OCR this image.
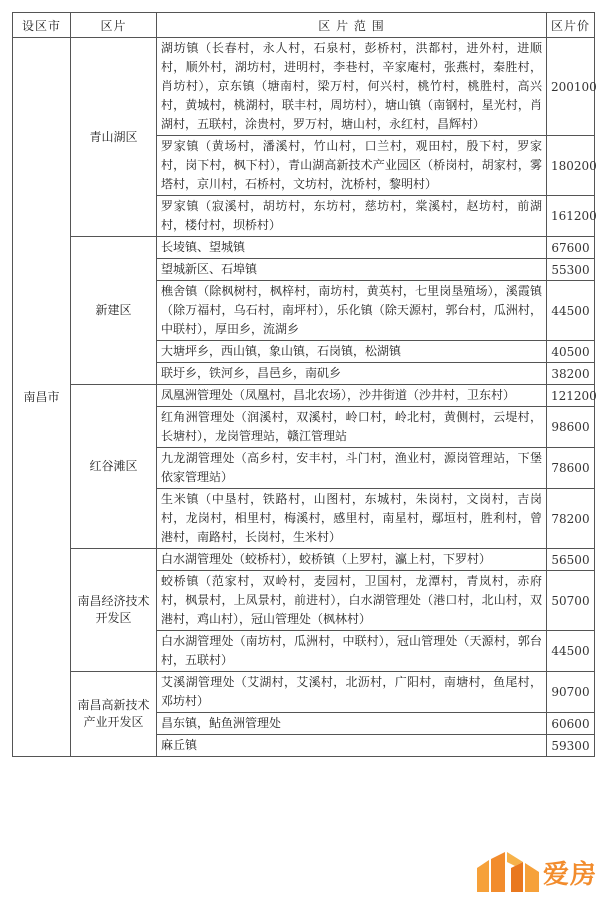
设区市	区片	区 片 范 围	区片价
南昌市	青山湖区	湖坊镇（长春村，永人村，石泉村，彭桥村，洪都村，进外村，进顺村，顺外村，湖坊村，进明村，李巷村，辛家庵村，张燕村，秦胜村，肖坊村），京东镇（塘南村，梁万村，何兴村，桃竹村，桃胜村，高兴村，黄城村，桃湖村，联丰村，周坊村），塘山镇（南钢村，星光村，肖湖村，五联村，涂贵村，罗万村，塘山村，永红村，昌辉村）	200100
		罗家镇（黄场村，潘溪村，竹山村，口兰村，观田村，殷下村，罗家村，岗下村，枫下村），青山湖高新技术产业园区（桥岗村，胡家村，雾塔村，京川村，石桥村，文坊村，沈桥村，黎明村）	180200
		罗家镇（寂溪村，胡坊村，东坊村，慈坊村，棠溪村，赵坊村，前湖村，楼付村，坝桥村）	161200
	新建区	长堎镇、望城镇	67600
		望城新区、石埠镇	55300
		樵舍镇（除枫树村，枫梓村，南坊村，黄英村，七里岗垦殖场），溪霞镇（除万福村，乌石村，南坪村），乐化镇（除天源村，郭台村，瓜洲村，中联村），厚田乡，流湖乡	44500
		大塘坪乡，西山镇，象山镇，石岗镇，松湖镇	40500
		联圩乡，铁河乡，昌邑乡，南矶乡	38200
	红谷滩区	凤凰洲管理处（凤凰村，昌北农场），沙井街道（沙井村，卫东村）	121200
		红角洲管理处（润溪村，双溪村，岭口村，岭北村，黄侧村，云堤村，长塘村），龙岗管理站，赣江管理站	98600
		九龙湖管理处（高乡村，安丰村，斗门村，渔业村，源岗管理站，下堡依家管理站）	78600
		生米镇（中垦村，铁路村，山图村，东城村，朱岗村，文岗村，吉岗村，龙岗村，相里村，梅溪村，感里村，南星村，鄢垣村，胜利村，曾港村，南路村，长岗村，生米村）	78200
	南昌经济技术开发区	白水湖管理处（蛟桥村），蛟桥镇（上罗村，瀛上村，下罗村）	56500
		蛟桥镇（范家村，双岭村，麦园村，卫国村，龙潭村，青岚村，赤府村，枫景村，上凤景村，前进村），白水湖管理处（港口村，北山村，双港村，鸡山村），冠山管理处（枫林村）	50700
		白水湖管理处（南坊村，瓜洲村，中联村），冠山管理处（天源村，郭台村，五联村）	44500
	南昌高新技术产业开发区	艾溪湖管理处（艾湖村，艾溪村，北沥村，广阳村，南塘村，鱼尾村，邓坊村）	90700
		昌东镇，鲇鱼洲管理处	60600
		麻丘镇	59300
爱房
